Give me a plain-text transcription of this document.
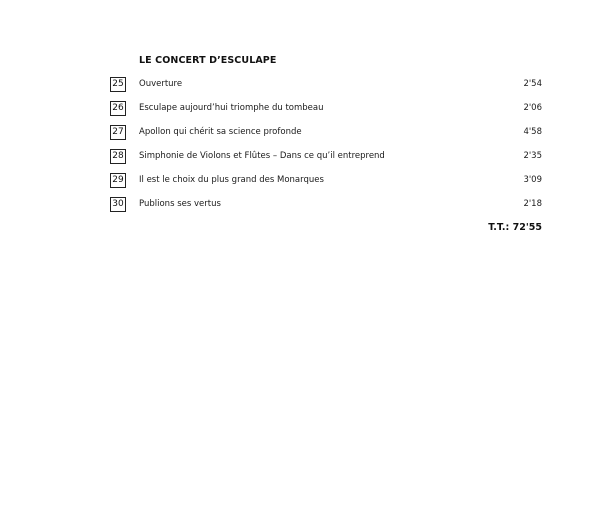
LE CONCERT D’ESCULAPE
25 Ouverture	2'54
26 Esculape aujourd’hui triomphe du tombeau	2'06
27 Apollon qui chérit sa science profonde	4'58
28 Simphonie de Violons et Flûtes – Dans ce qu’il entreprend	2'35
29 Il est le choix du plus grand des Monarques	3'09
30 Publions ses vertus	2'18
T.T.: 72'55
